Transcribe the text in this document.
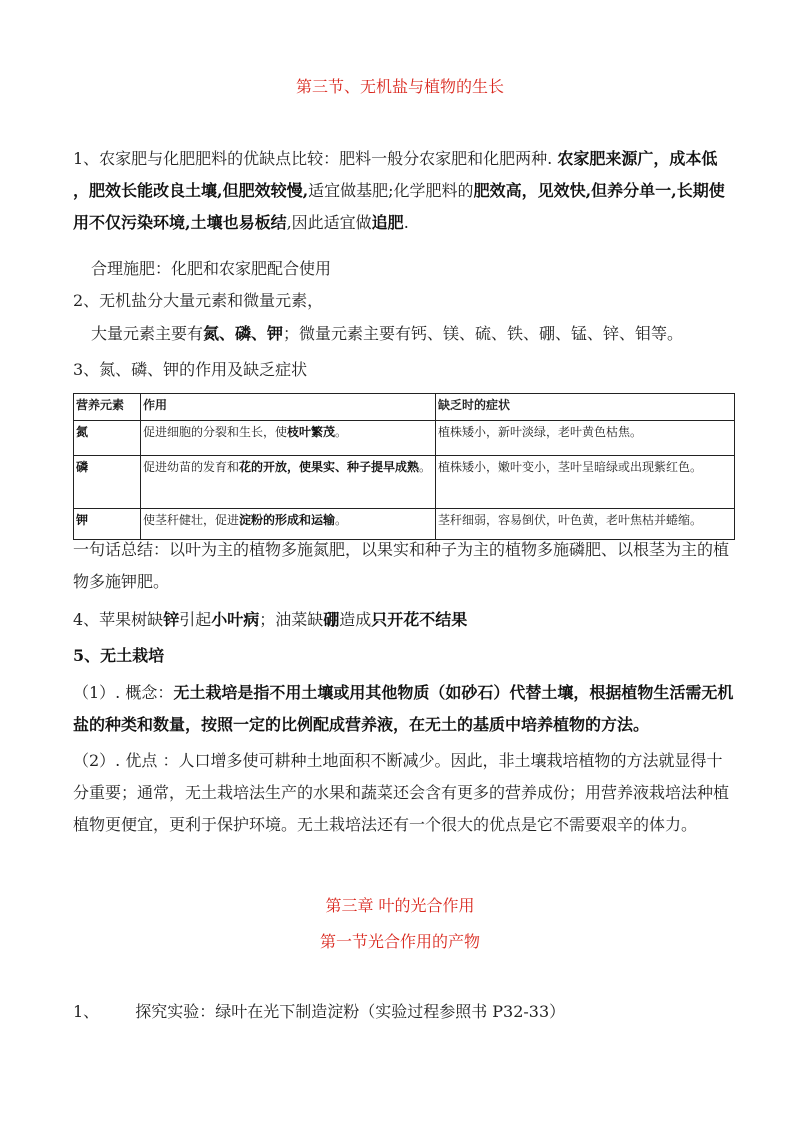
第三节、无机盐与植物的生长
1、农家肥与化肥肥料的优缺点比较：肥料一般分农家肥和化肥两种. 农家肥来源广，成本低 ，肥效长能改良土壤,但肥效较慢,适宜做基肥;化学肥料的肥效高，见效快,但养分单一,长期使用不仅污染环境,土壤也易板结,因此适宜做追肥.
合理施肥：化肥和农家肥配合使用
2、无机盐分大量元素和微量元素，
大量元素主要有氮、磷、钾；微量元素主要有钙、镁、硫、铁、硼、锰、锌、钼等。
3、氮、磷、钾的作用及缺乏症状
营养元素	作用	缺乏时的症状
氮	促进细胞的分裂和生长，使枝叶繁茂。	植株矮小，新叶淡绿，老叶黄色枯焦。
磷	促进幼苗的发育和花的开放，使果实、种子提早成熟。	植株矮小，嫩叶变小，茎叶呈暗绿或出现紫红色。
钾	使茎秆健壮，促进淀粉的形成和运输。	茎秆细弱，容易倒伏，叶色黄，老叶焦枯并蜷缩。
一句话总结：以叶为主的植物多施氮肥，以果实和种子为主的植物多施磷肥、以根茎为主的植物多施钾肥。
4、苹果树缺锌引起小叶病；油菜缺硼造成只开花不结果
5、无土栽培
（1）. 概念：无土栽培是指不用土壤或用其他物质（如砂石）代替土壤，根据植物生活需无机盐的种类和数量，按照一定的比例配成营养液，在无土的基质中培养植物的方法。
（2）. 优点 ：人口增多使可耕种土地面积不断减少。因此，非土壤栽培植物的方法就显得十分重要；通常，无土栽培法生产的水果和蔬菜还会含有更多的营养成份；用营养液栽培法种植植物更便宜，更利于保护环境。无土栽培法还有一个很大的优点是它不需要艰辛的体力。
第三章 叶的光合作用
第一节光合作用的产物
1、 探究实验：绿叶在光下制造淀粉（实验过程参照书 P32-33）
